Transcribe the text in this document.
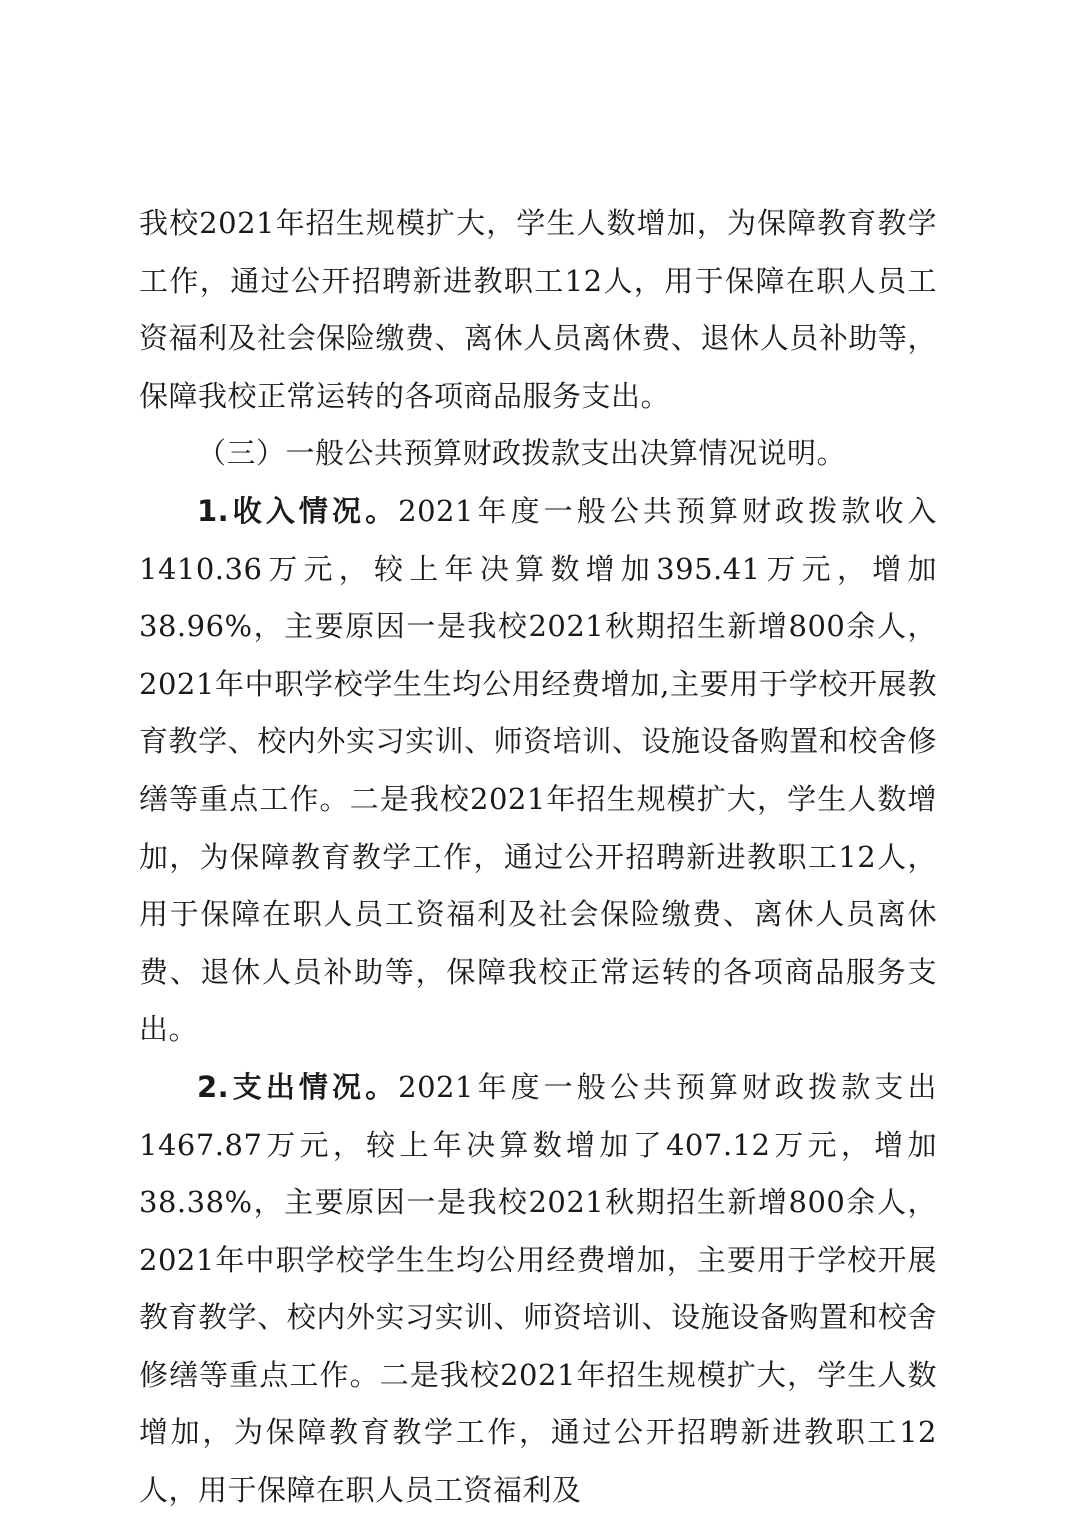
我校2021年招生规模扩大，学生人数增加，为保障教育教学工作，通过公开招聘新进教职工12人，用于保障在职人员工资福利及社会保险缴费、离休人员离休费、退休人员补助等，保障我校正常运转的各项商品服务支出。

（三）一般公共预算财政拨款支出决算情况说明。

1.收入情况。2021年度一般公共预算财政拨款收入1410.36万元，较上年决算数增加395.41万元，增加38.96%，主要原因一是我校2021秋期招生新增800余人，2021年中职学校学生生均公用经费增加,主要用于学校开展教育教学、校内外实习实训、师资培训、设施设备购置和校舍修缮等重点工作。二是我校2021年招生规模扩大，学生人数增加，为保障教育教学工作，通过公开招聘新进教职工12人，用于保障在职人员工资福利及社会保险缴费、离休人员离休费、退休人员补助等，保障我校正常运转的各项商品服务支出。

2.支出情况。2021年度一般公共预算财政拨款支出1467.87万元，较上年决算数增加了407.12万元，增加38.38%，主要原因一是我校2021秋期招生新增800余人，2021年中职学校学生生均公用经费增加，主要用于学校开展教育教学、校内外实习实训、师资培训、设施设备购置和校舍修缮等重点工作。二是我校2021年招生规模扩大，学生人数增加，为保障教育教学工作，通过公开招聘新进教职工12人，用于保障在职人员工资福利及
